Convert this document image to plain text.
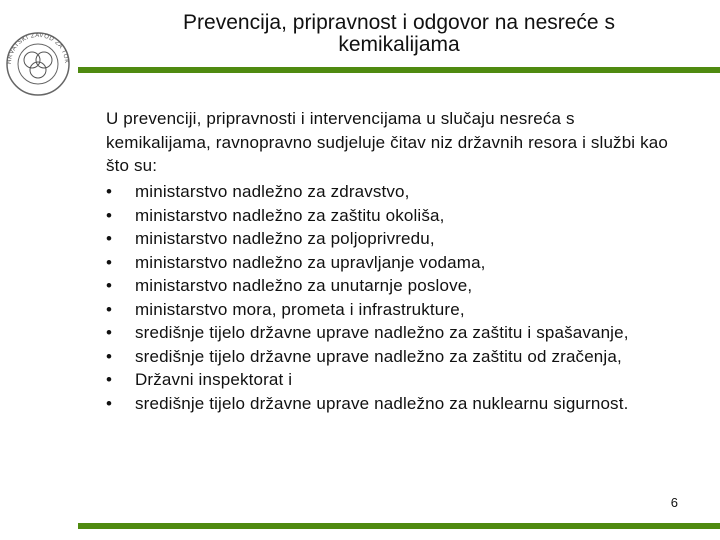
HRVATSKI ZAVOD ZA TOK
Prevencija, pripravnost i odgovor na nesreće s
kemikalijama

U prevenciji, pripravnosti i intervencijama u slučaju nesreća s kemikalijama, ravnopravno sudjeluje čitav niz državnih resora i službi kao što su:

• ministarstvo nadležno za zdravstvo,
• ministarstvo nadležno za zaštitu okoliša,
• ministarstvo nadležno za poljoprivredu,
• ministarstvo nadležno za upravljanje vodama,
• ministarstvo nadležno za unutarnje poslove,
• ministarstvo mora, prometa i infrastrukture,
• središnje tijelo državne uprave nadležno za zaštitu i spašavanje,
• središnje tijelo državne uprave nadležno za zaštitu od zračenja,
• Državni inspektorat i
• središnje tijelo državne uprave nadležno za nuklearnu sigurnost.
6
